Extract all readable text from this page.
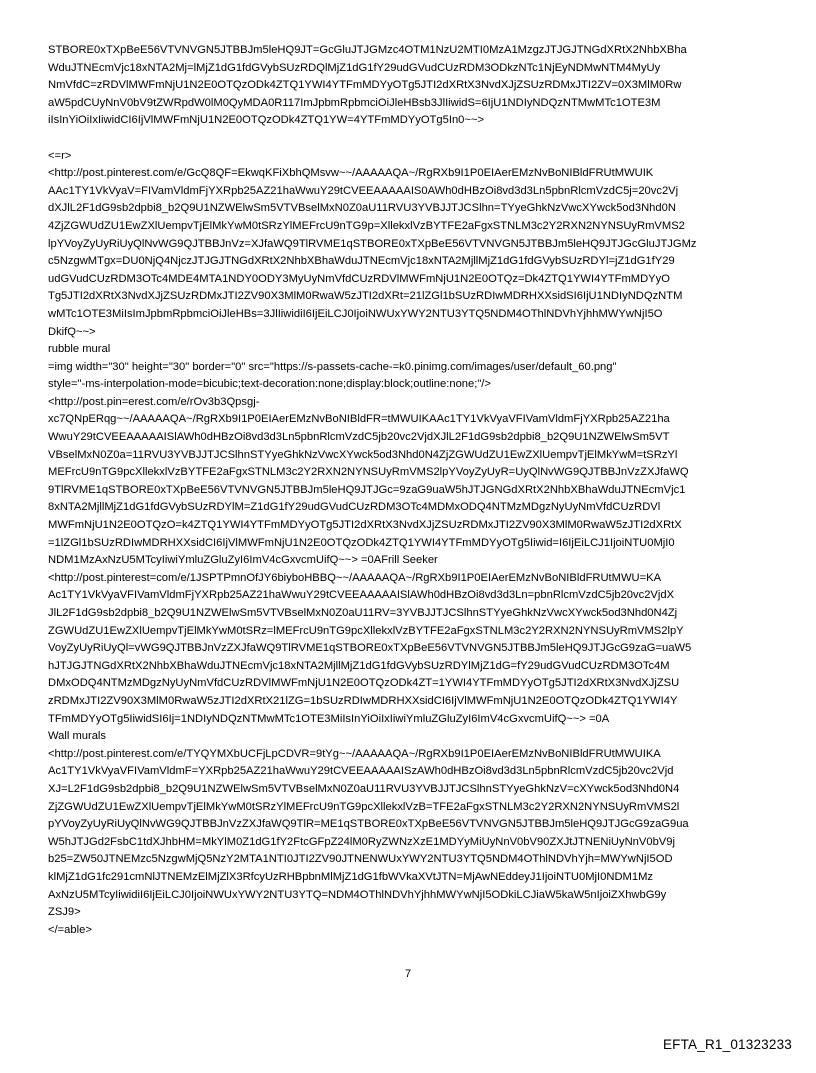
STBORE0xTXpBeE56VTVNVGN5JTBBJm5leHQ9JT=GcGluJTJGMzc4OTM1NzU2MTI0MzA1MzgzJTJGJTNGdXRtX2NhbXBha
WduJTNEcmVjc18xNTA2Mj=lMjZ1dG1fdGVybSUzRDQlMjZ1dG1fY29udGVudCUzRDM3ODkzNTc1NjEyNDMwNTM4MyUy
NmVfdC=zRDVlMWFmNjU1N2E0OTQzODk4ZTQ1YWI4YTFmMDYyOTg5JTI2dXRtX3NvdXJjZSUzRDMxJTI2ZV=0X3MlM0Rw
aW5pdCUyNnV0bV9tZWRpdW0lM0QyMDA0R117ImJpbmRpbmciOiJleHBsb3JlIiwidS=6IjU1NDIyNDQzNTMwMTc1OTE3M
iIsInYiOiIxIiwidCI6IjVlMWFmNjU1N2E0OTQzODk4ZTQ1YW=4YTFmMDYyOTg5In0~~>
<=r>
<http://post.pinterest.com/e/GcQ8QF=EkwqKFiXbhQMsvw~~/AAAAAQA~/RgRXb9I1P0EIAerEMzNvBoNIBldFRUtMWUIK
AAc1TY1VkVyaV=FIVamVldmFjYXRpb25AZ21haWwuY29tCVEEAAAAAIS0AWh0dHBzOi8vd3d3Ln5pbnRlcmVzdC5j=20vc2Vj
dXJlL2F1dG9sb2dpbi8_b2Q9U1NZWElwSm5VTVBselMxN0Z0aU11RVU3YVBJJTJCSlhn=TYyeGhkNzVwcXYwck5od3Nhd0N
4ZjZGWUdZU1EwZXlUempvTjElMkYwM0tSRzYlMEFrcU9nTG9p=XllekxlVzBYTFE2aFgxSTNLM3c2Y2RXN2NYNSUyRmVMS2
lpYVoyZyUyRiUyQlNvWG9QJTBBJnVz=XJfaWQ9TlRVME1qSTBORE0xTXpBeE56VTVNVGN5JTBBJm5leHQ9JTJGcGluJTJGMz
c5NzgwMTgx=DU0NjQ4NjczJTJGJTNGdXRtX2NhbXBhaWduJTNEcmVjc18xNTA2MjllMjZ1dG1fdGVybSUzRDYl=jZ1dG1fY29
udGVudCUzRDM3OTc4MDE4MTA1NDY0ODY3MyUyNmVfdCUzRDVlMWFmNjU1N2E0OTQz=Dk4ZTQ1YWI4YTFmMDYyO
Tg5JTI2dXRtX3NvdXJjZSUzRDMxJTI2ZV90X3MlM0RwaW5zJTI2dXRt=21lZGl1bSUzRDIwMDRHXXsidSI6IjU1NDIyNDQzNTM
wMTc1OTE3MiIsImJpbmRpbmciOiJleHBs=3JlIiwidiI6IjEiLCJ0IjoiNWUxYWY2NTU3YTQ5NDM4OThlNDVhYjhhMWYwNjI5O
DkifQ~~>
rubble mural
=img width="30" height="30" border="0" src="https://s-passets-cache-=k0.pinimg.com/images/user/default_60.png"
style="-ms-interpolation-mode=bicubic;text-decoration:none;display:block;outline:none;"/>
<http://post.pin=erest.com/e/rOv3b3Qpsgj-
xc7QNpERqg~~/AAAAAQA~/RgRXb9I1P0EIAerEMzNvBoNIBldFR=tMWUIKAAc1TY1VkVyaVFIVamVldmFjYXRpb25AZ21ha
WwuY29tCVEEAAAAAISlAWh0dHBzOi8vd3d3Ln5pbnRlcmVzdC5jb20vc2VjdXJlL2F1dG9sb2dpbi8_b2Q9U1NZWElwSm5VT
VBselMxN0Z0a=11RVU3YVBJJTJCSlhnSTYyeGhkNzVwcXYwck5od3Nhd0N4ZjZGWUdZU1EwZXlUempvTjElMkYwM=tSRzYl
MEFrcU9nTG9pcXllekxlVzBYTFE2aFgxSTNLM3c2Y2RXN2NYNSUyRmVMS2lpYVoyZyUyR=UyQlNvWG9QJTBBJnVzZXJfaWQ
9TlRVME1qSTBORE0xTXpBeE56VTVNVGN5JTBBJm5leHQ9JTJGc=9zaG9uaW5hJTJGNGdXRtX2NhbXBhaWduJTNEcmVjc1
8xNTA2MjllMjZ1dG1fdGVybSUzRDYlM=Z1dG1fY29udGVudCUzRDM3OTc4MDMxODQ4NTMzMDgzNyUyNmVfdCUzRDVl
MWFmNjU1N2E0OTQzO=k4ZTQ1YWI4YTFmMDYyOTg5JTI2dXRtX3NvdXJjZSUzRDMxJTI2ZV90X3MlM0RwaW5zJTI2dXRtX
=1lZGl1bSUzRDIwMDRHXXsidCI6IjVlMWFmNjU1N2E0OTQzODk4ZTQ1YWI4YTFmMDYyOTg5Iiwid=I6IjEiLCJ1IjoiNTU0MjI0
NDM1MzAxNzU5MTcyIiwiYmluZGluZyI6ImV4cGxvcmUifQ~~> =0AFrill Seeker
<http://post.pinterest=com/e/1JSPTPmnOfJY6biyboHBBQ~~/AAAAAQA~/RgRXb9I1P0EIAerEMzNvBoNIBldFRUtMWU=KA
Ac1TY1VkVyaVFIVamVldmFjYXRpb25AZ21haWwuY29tCVEEAAAAAISlAWh0dHBzOi8vd3d3Ln=pbnRlcmVzdC5jb20vc2VjdX
JlL2F1dG9sb2dpbi8_b2Q9U1NZWElwSm5VTVBselMxN0Z0aU11RV=3YVBJJTJCSlhnSTYyeGhkNzVwcXYwck5od3Nhd0N4Zj
ZGWUdZU1EwZXlUempvTjElMkYwM0tSRz=lMEFrcU9nTG9pcXllekxlVzBYTFE2aFgxSTNLM3c2Y2RXN2NYNSUyRmVMS2lpY
VoyZyUyRiUyQl=vWG9QJTBBJnVzZXJfaWQ9TlRVME1qSTBORE0xTXpBeE56VTVNVGN5JTBBJm5leHQ9JTJGcG9zaG=uaW5
hJTJGJTNGdXRtX2NhbXBhaWduJTNEcmVjc18xNTA2MjllMjZ1dG1fdGVybSUzRDYlMjZ1dG=fY29udGVudCUzRDM3OTc4M
DMxODQ4NTMzMDgzNyUyNmVfdCUzRDVlMWFmNjU1N2E0OTQzODk4ZT=1YWI4YTFmMDYyOTg5JTI2dXRtX3NvdXJjZSU
zRDMxJTI2ZV90X3MlM0RwaW5zJTI2dXRtX21lZG=1bSUzRDIwMDRHXXsidCI6IjVlMWFmNjU1N2E0OTQzODk4ZTQ1YWI4Y
TFmMDYyOTg5IiwidSI6Ij=1NDIyNDQzNTMwMTc1OTE3MiIsInYiOiIxIiwiYmluZGluZyI6ImV4cGxvcmUifQ~~> =0A
Wall murals
<http://post.pinterest.com/e/TYQYMXbUCFjLpCDVR=9tYg~~/AAAAAQA~/RgRXb9I1P0EIAerEMzNvBoNIBldFRUtMWUIKA
Ac1TY1VkVyaVFIVamVldmF=YXRpb25AZ21haWwuY29tCVEEAAAAAISzAWh0dHBzOi8vd3d3Ln5pbnRlcmVzdC5jb20vc2Vjd
XJ=L2F1dG9sb2dpbi8_b2Q9U1NZWElwSm5VTVBselMxN0Z0aU11RVU3YVBJJTJCSlhnSTYyeGhkNzV=cXYwck5od3Nhd0N4
ZjZGWUdZU1EwZXlUempvTjElMkYwM0tSRzYlMEFrcU9nTG9pcXllekxlVzB=TFE2aFgxSTNLM3c2Y2RXN2NYNSUyRmVMS2l
pYVoyZyUyRiUyQlNvWG9QJTBBJnVzZXJfaWQ9TlR=ME1qSTBORE0xTXpBeE56VTVNVGN5JTBBJm5leHQ9JTJGcG9zaG9ua
W5hJTJGd2FsbC1tdXJhbHM=MkYlM0Z1dG1fY2FtcGFpZ24lM0RyZWNzXzE1MDYyMiUyNnV0bV90ZXJtJTNENiUyNnV0bV9j
b25=ZW50JTNEMzc5NzgwMjQ5NzY2MTA1NTI0JTI2ZV90JTNENWUxYWY2NTU3YTQ5NDM4OThlNDVhYjh=MWYwNjI5OD
klMjZ1dG1fc291cmNlJTNEMzElMjZlX3RfcyUzRHBpbnMlMjZ1dG1fbWVkaXVtJTN=MjAwNEddeyJ1IjoiNTU0MjI0NDM1Mz
AxNzU5MTcyIiwidiI6IjEiLCJ0IjoiNWUxYWY2NTU3YTQ=NDM4OThlNDVhYjhhMWYwNjI5ODkiLCJiaW5kaW5nIjoiZXhwbG9y
ZSJ9>
</=able>
7
EFTA_R1_01323233
